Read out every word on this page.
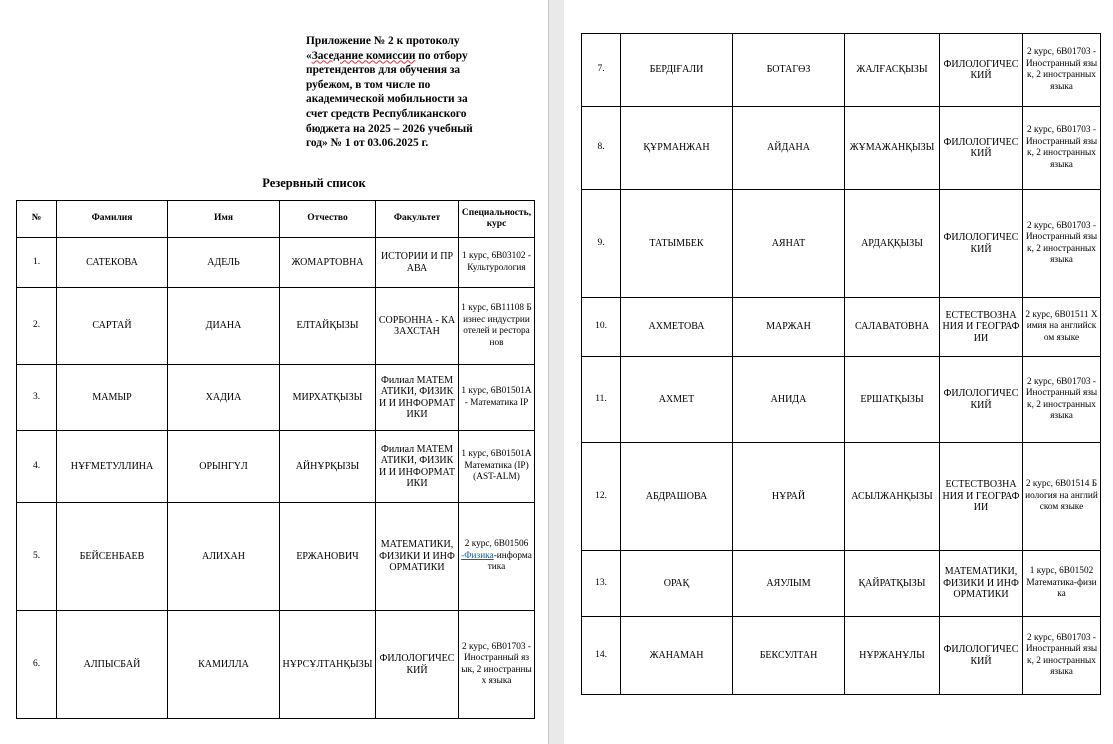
Приложение № 2 к протоколу
«Заседание комиссии по отбору
претендентов для обучения за
рубежом, в том числе по
академической мобильности за
счет средств Республиканского
бюджета на 2025 – 2026 учебный
год» № 1 от 03.06.2025 г.
Резервный список
№	Фамилия	Имя	Отчество	Факультет	Специальность, курс
1.	САТЕКОВА	АДЕЛЬ	ЖОМАРТОВНА	ИСТОРИИ И ПРАВА	1 курс, 6В03102 - Культурология
2.	САРТАЙ	ДИАНА	ЕЛТАЙҚЫЗЫ	СОРБОННА - КАЗАХСТАН	1 курс, 6В11108 Бизнес индустрии отелей и ресторанов
3.	МАМЫР	ХАДИА	МИРХАТҚЫЗЫ	Филиал МАТЕМАТИКИ, ФИЗИКИ И ИНФОРМАТИКИ	1 курс, 6В01501А - Математика IP
4.	НҰҒМЕТУЛЛИНА	ОРЫНГҮЛ	АЙНҰРҚЫЗЫ	Филиал МАТЕМАТИКИ, ФИЗИКИ И ИНФОРМАТИКИ	1 курс, 6В01501А Математика (IP) (AST-ALM)
5.	БЕЙСЕНБАЕВ	АЛИХАН	ЕРЖАНОВИЧ	МАТЕМАТИКИ, ФИЗИКИ И ИНФОРМАТИКИ	2 курс, 6В01506 -Физика-информатика
6.	АЛПЫСБАЙ	КАМИЛЛА	НҰРСҰЛТАНҚЫЗЫ	ФИЛОЛОГИЧЕСКИЙ	2 курс, 6В01703 - Иностранный язык, 2 иностранных языка
7.	БЕРДІҒАЛИ	БОТАГӨЗ	ЖАЛҒАСҚЫЗЫ	ФИЛОЛОГИЧЕСКИЙ	2 курс, 6В01703 - Иностранный язык, 2 иностранных языка
8.	ҚҰРМАНЖАН	АЙДАНА	ЖҰМАЖАНҚЫЗЫ	ФИЛОЛОГИЧЕСКИЙ	2 курс, 6В01703 - Иностранный язык, 2 иностранных языка
9.	ТАТЫМБЕК	АЯНАТ	АРДАҚҚЫЗЫ	ФИЛОЛОГИЧЕСКИЙ	2 курс, 6В01703 - Иностранный язык, 2 иностранных языка
10.	АХМЕТОВА	МАРЖАН	САЛАВАТОВНА	ЕСТЕСТВОЗНАНИЯ И ГЕОГРАФИИ	2 курс, 6В01511 Химия на английском языке
11.	АХМЕТ	АНИДА	ЕРШАТҚЫЗЫ	ФИЛОЛОГИЧЕСКИЙ	2 курс, 6В01703 - Иностранный язык, 2 иностранных языка
12.	АБДРАШОВА	НҰРАЙ	АСЫЛЖАНҚЫЗЫ	ЕСТЕСТВОЗНАНИЯ И ГЕОГРАФИИ	2 курс, 6В01514 Биология на английском языке
13.	ОРАҚ	АЯУЛЫМ	ҚАЙРАТҚЫЗЫ	МАТЕМАТИКИ, ФИЗИКИ И ИНФОРМАТИКИ	1 курс, 6В01502 Математика-физика
14.	ЖАНАМАН	БЕКСУЛТАН	НҰРЖАНҰЛЫ	ФИЛОЛОГИЧЕСКИЙ	2 курс, 6В01703 - Иностранный язык, 2 иностранных языка
